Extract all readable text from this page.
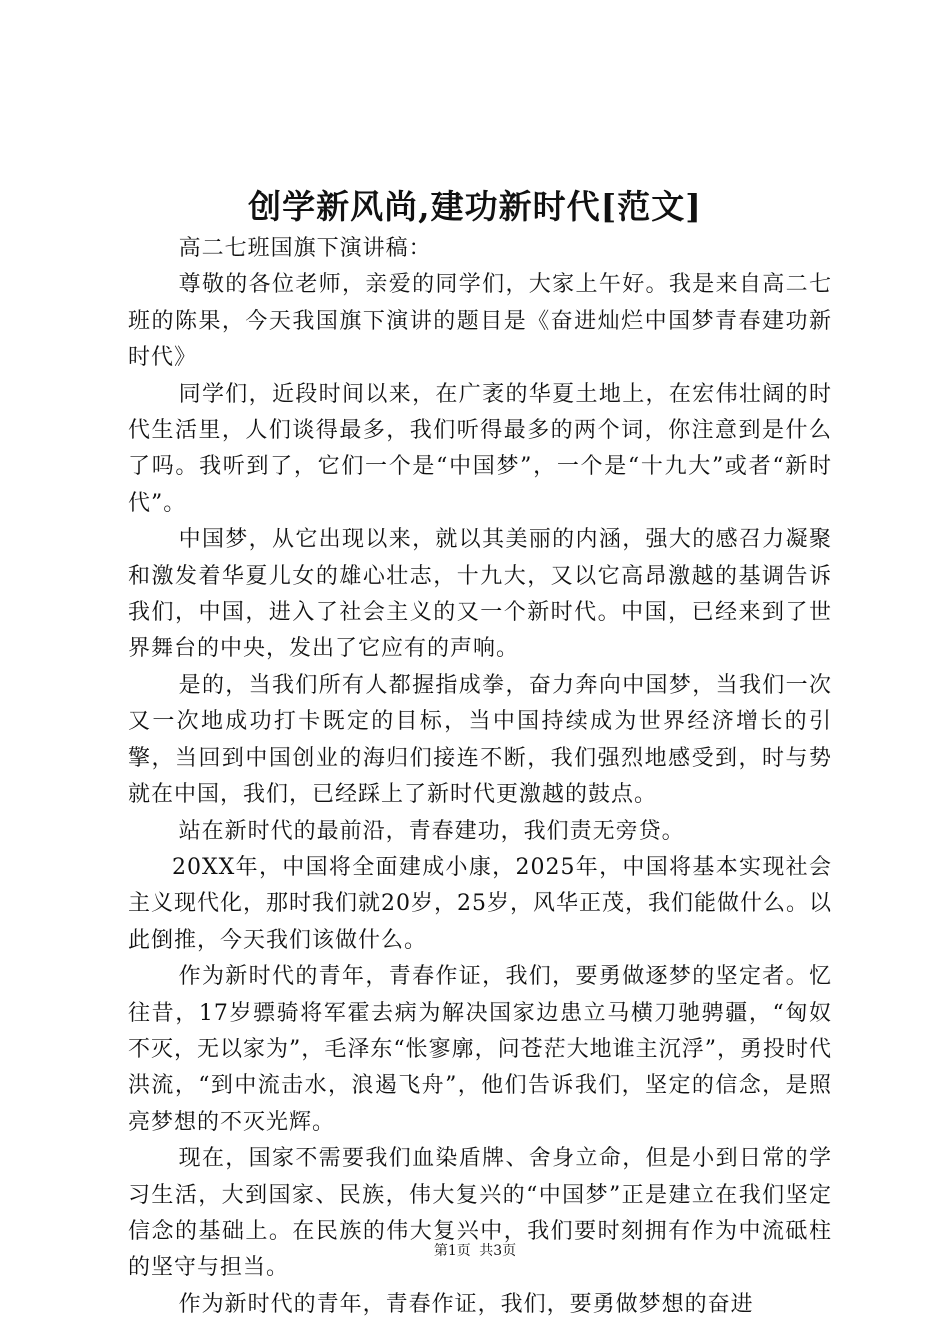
创学新风尚,建功新时代[范文]

高二七班国旗下演讲稿：

尊敬的各位老师，亲爱的同学们，大家上午好。我是来自高二七班的陈果，今天我国旗下演讲的题目是《奋进灿烂中国梦青春建功新时代》

同学们，近段时间以来，在广袤的华夏土地上，在宏伟壮阔的时代生活里，人们谈得最多，我们听得最多的两个词，你注意到是什么了吗。我听到了，它们一个是“中国梦”，一个是“十九大”或者“新时代”。

中国梦，从它出现以来，就以其美丽的内涵，强大的感召力凝聚和激发着华夏儿女的雄心壮志，十九大，又以它高昂激越的基调告诉我们，中国，进入了社会主义的又一个新时代。中国，已经来到了世界舞台的中央，发出了它应有的声响。

是的，当我们所有人都握指成拳，奋力奔向中国梦，当我们一次又一次地成功打卡既定的目标，当中国持续成为世界经济增长的引擎，当回到中国创业的海归们接连不断，我们强烈地感受到，时与势就在中国，我们，已经踩上了新时代更激越的鼓点。

站在新时代的最前沿，青春建功，我们责无旁贷。

20XX年，中国将全面建成小康，2025年，中国将基本实现社会主义现代化，那时我们就20岁，25岁，风华正茂，我们能做什么。以此倒推，今天我们该做什么。

作为新时代的青年，青春作证，我们，要勇做逐梦的坚定者。忆往昔，17岁骠骑将军霍去病为解决国家边患立马横刀驰骋疆，“匈奴不灭，无以家为”，毛泽东“怅寥廓，问苍茫大地谁主沉浮”，勇投时代洪流，“到中流击水，浪遏飞舟”，他们告诉我们，坚定的信念，是照亮梦想的不灭光辉。

现在，国家不需要我们血染盾牌、舍身立命，但是小到日常的学习生活，大到国家、民族，伟大复兴的“中国梦”正是建立在我们坚定信念的基础上。在民族的伟大复兴中，我们要时刻拥有作为中流砥柱的坚守与担当。

作为新时代的青年，青春作证，我们，要勇做梦想的奋进

第1页 共3页
